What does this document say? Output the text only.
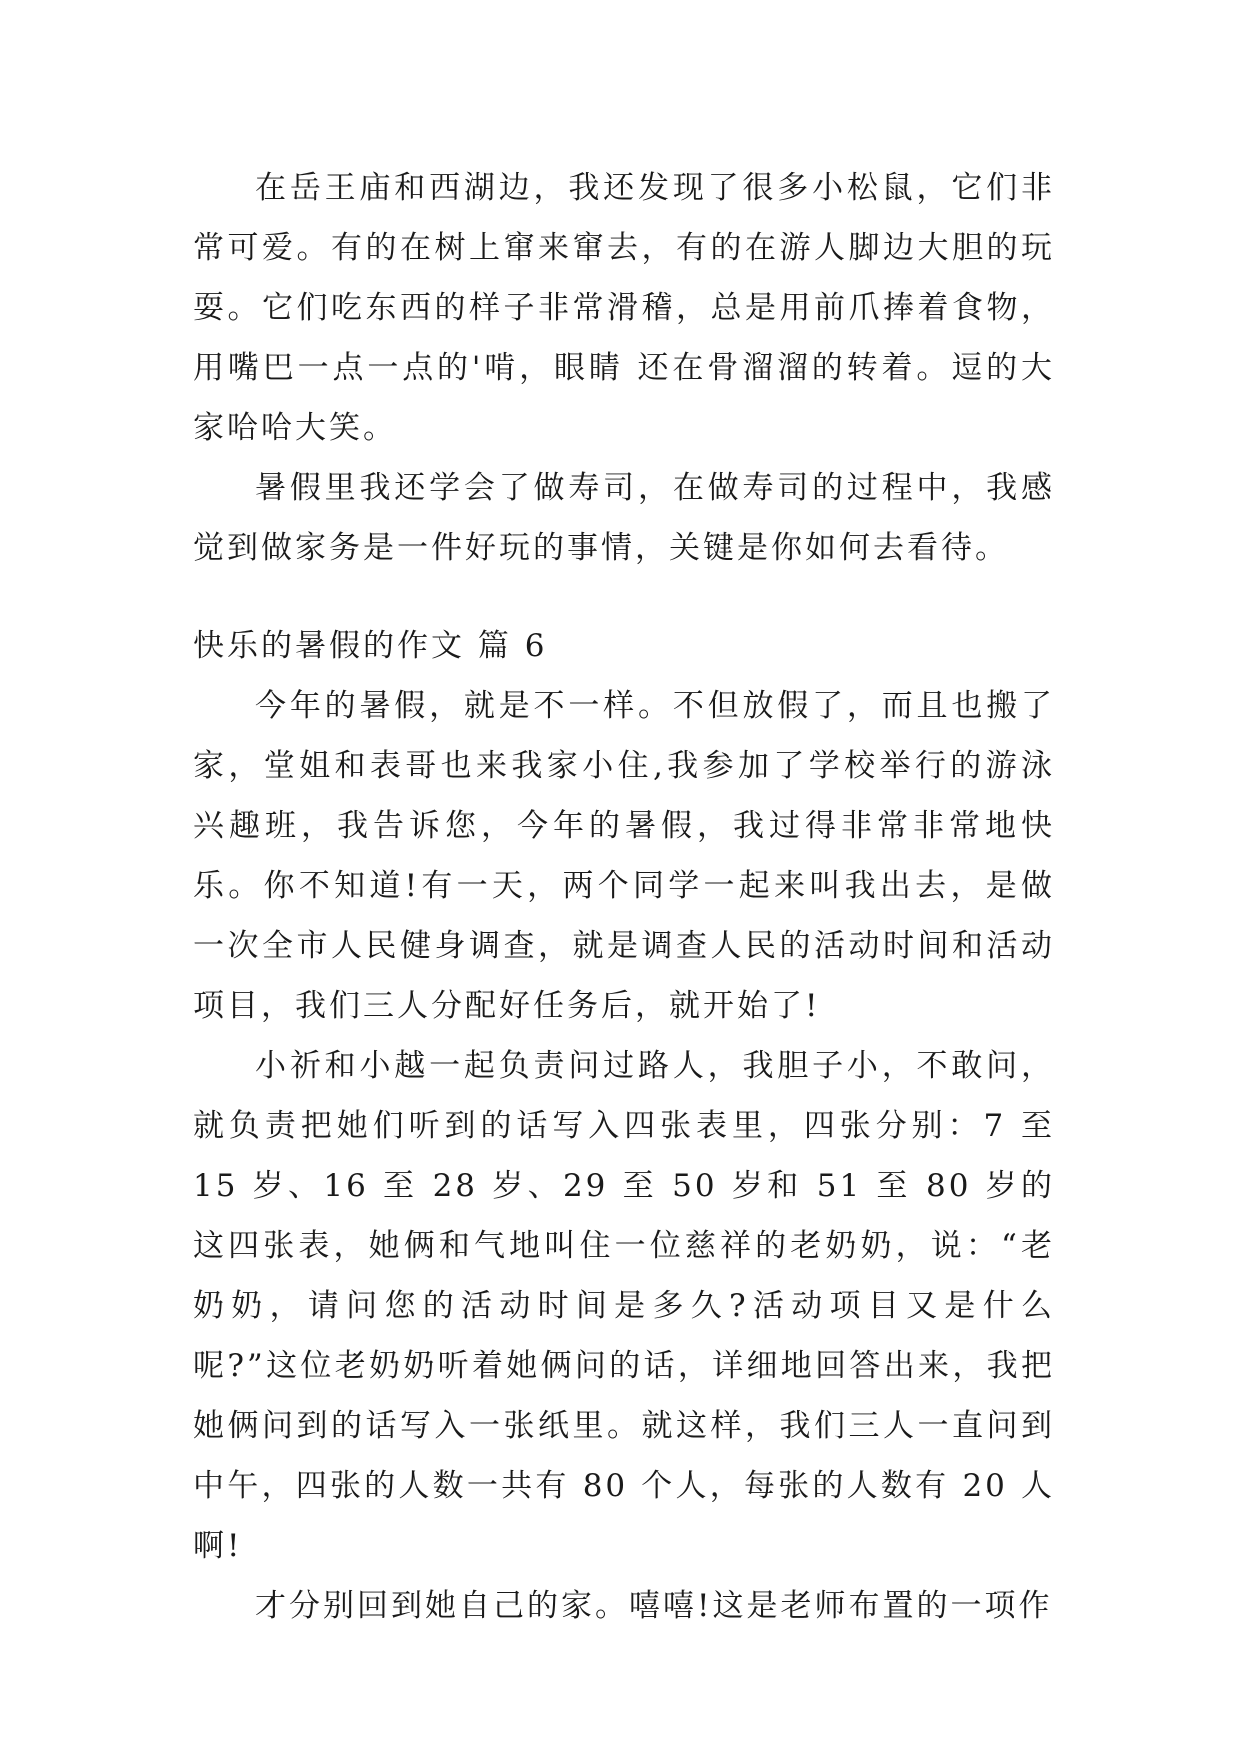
在岳王庙和西湖边，我还发现了很多小松鼠，它们非常可爱。有的在树上窜来窜去，有的在游人脚边大胆的玩耍。它们吃东西的样子非常滑稽，总是用前爪捧着食物，用嘴巴一点一点的'啃，眼睛 还在骨溜溜的转着。逗的大家哈哈大笑。

暑假里我还学会了做寿司，在做寿司的过程中，我感觉到做家务是一件好玩的事情，关键是你如何去看待。

快乐的暑假的作文 篇 6

今年的暑假，就是不一样。不但放假了，而且也搬了家，堂姐和表哥也来我家小住,我参加了学校举行的游泳兴趣班，我告诉您，今年的暑假，我过得非常非常地快乐。你不知道!有一天，两个同学一起来叫我出去，是做一次全市人民健身调查，就是调查人民的活动时间和活动项目，我们三人分配好任务后，就开始了!

小祈和小越一起负责问过路人，我胆子小，不敢问，就负责把她们听到的话写入四张表里，四张分别：7 至 15 岁、16 至 28 岁、29 至 50 岁和 51 至 80 岁的这四张表，她俩和气地叫住一位慈祥的老奶奶，说：“老奶奶，请问您的活动时间是多久?活动项目又是什么呢?”这位老奶奶听着她俩问的话，详细地回答出来，我把她俩问到的话写入一张纸里。就这样，我们三人一直问到中午，四张的人数一共有 80 个人，每张的人数有 20 人啊!

才分别回到她自己的家。嘻嘻!这是老师布置的一项作
